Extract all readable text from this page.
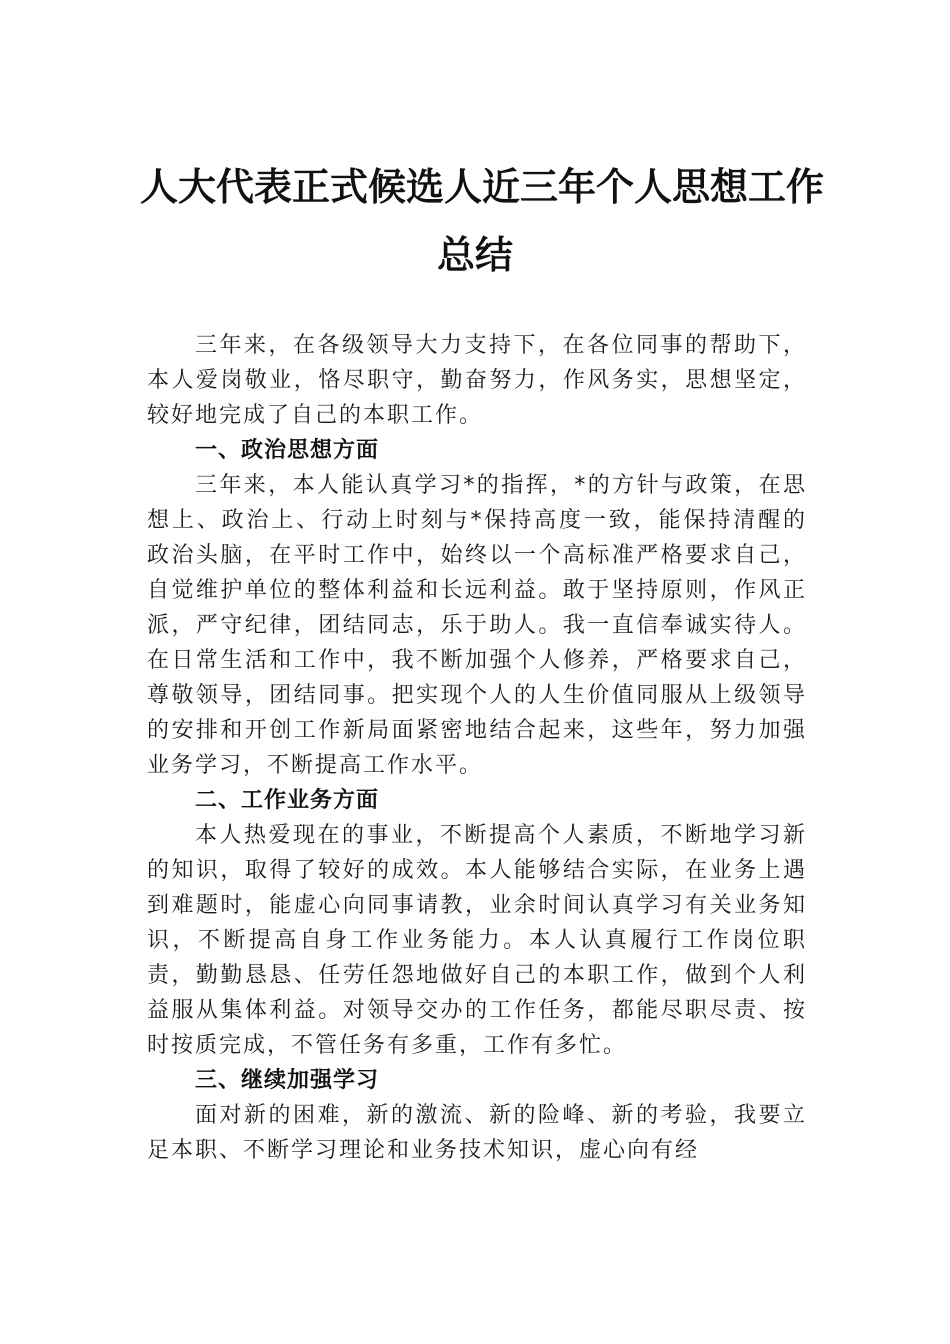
人大代表正式候选人近三年个人思想工作
总结

三年来，在各级领导大力支持下，在各位同事的帮助下，本人爱岗敬业，恪尽职守，勤奋努力，作风务实，思想坚定，较好地完成了自己的本职工作。

一、政治思想方面

三年来，本人能认真学习*的指挥，*的方针与政策，在思想上、政治上、行动上时刻与*保持高度一致，能保持清醒的政治头脑，在平时工作中，始终以一个高标准严格要求自己，自觉维护单位的整体利益和长远利益。敢于坚持原则，作风正派，严守纪律，团结同志，乐于助人。我一直信奉诚实待人。在日常生活和工作中，我不断加强个人修养，严格要求自己，尊敬领导，团结同事。把实现个人的人生价值同服从上级领导的安排和开创工作新局面紧密地结合起来，这些年，努力加强业务学习，不断提高工作水平。

二、工作业务方面

本人热爱现在的事业，不断提高个人素质，不断地学习新的知识，取得了较好的成效。本人能够结合实际，在业务上遇到难题时，能虚心向同事请教，业余时间认真学习有关业务知识，不断提高自身工作业务能力。本人认真履行工作岗位职责，勤勤恳恳、任劳任怨地做好自己的本职工作，做到个人利益服从集体利益。对领导交办的工作任务，都能尽职尽责、按时按质完成，不管任务有多重，工作有多忙。

三、继续加强学习

面对新的困难，新的激流、新的险峰、新的考验，我要立足本职、不断学习理论和业务技术知识，虚心向有经
